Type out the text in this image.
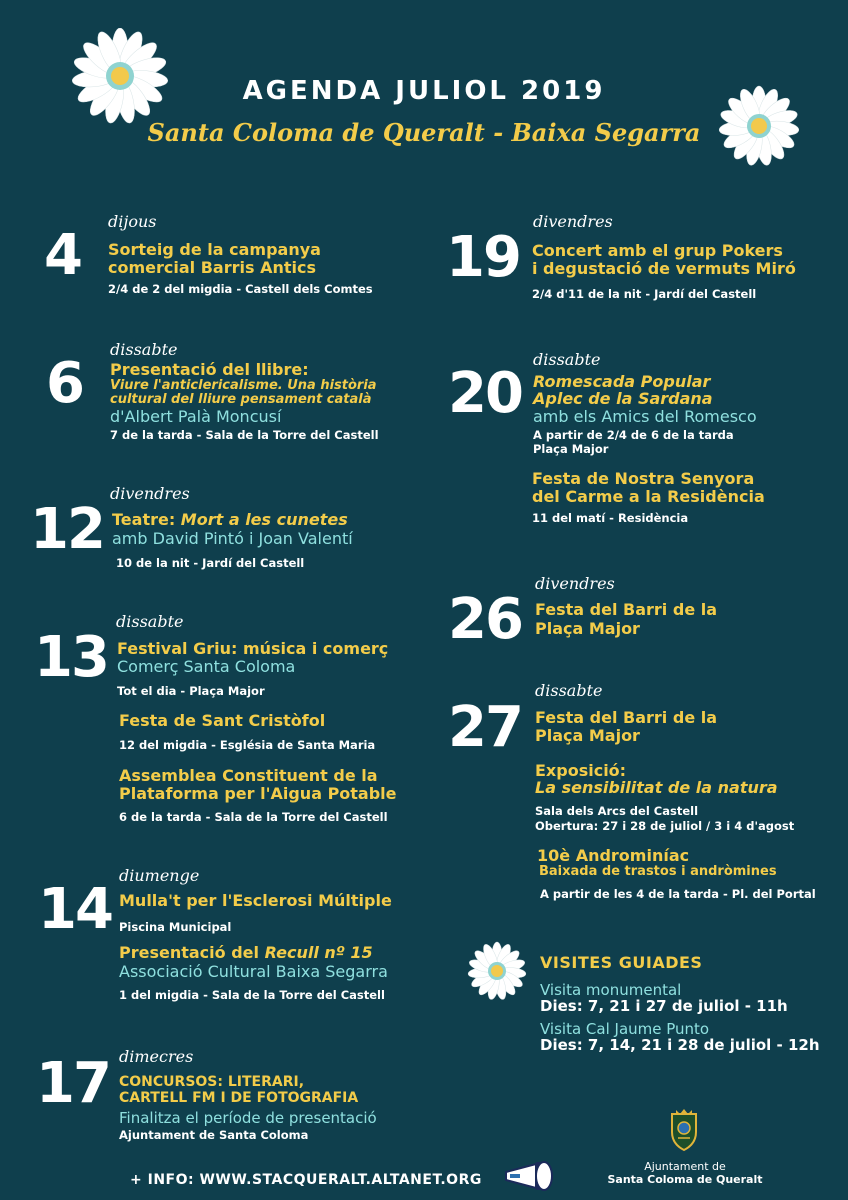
AGENDA JULIOL 2019
Santa Coloma de Queralt - Baixa Segarra
dijous
4 Sorteig de la campanya
comercial Barris Antics
2/4 de 2 del migdia - Castell dels Comtes
dissabte
6 Presentació del llibre:
Viure l'anticlericalisme. Una història
cultural del lliure pensament català
d'Albert Palà Moncusí
7 de la tarda - Sala de la Torre del Castell
divendres
12 Teatre: Mort a les cunetes
amb David Pintó i Joan Valentí
10 de la nit - Jardí del Castell
dissabte
13 Festival Griu: música i comerç
Comerç Santa Coloma
Tot el dia - Plaça Major
Festa de Sant Cristòfol
12 del migdia - Església de Santa Maria
Assemblea Constituent de la
Plataforma per l'Aigua Potable
6 de la tarda - Sala de la Torre del Castell
diumenge
14 Mulla't per l'Esclerosi Múltiple
Piscina Municipal
Presentació del Recull nº 15
Associació Cultural Baixa Segarra
1 del migdia - Sala de la Torre del Castell
dimecres
17 CONCURSOS: LITERARI,
CARTELL FM I DE FOTOGRAFIA
Finalitza el període de presentació
Ajuntament de Santa Coloma
divendres
19 Concert amb el grup Pokers
i degustació de vermuts Miró
2/4 d'11 de la nit - Jardí del Castell
dissabte
20 Romescada Popular
Aplec de la Sardana
amb els Amics del Romesco
A partir de 2/4 de 6 de la tarda
Plaça Major
Festa de Nostra Senyora
del Carme a la Residència
11 del matí - Residència
divendres
26 Festa del Barri de la
Plaça Major
dissabte
27 Festa del Barri de la
Plaça Major
Exposició:
La sensibilitat de la natura
Sala dels Arcs del Castell
Obertura: 27 i 28 de juliol / 3 i 4 d'agost
10è Androminíac
Baixada de trastos i andròmines
A partir de les 4 de la tarda - Pl. del Portal
VISITES GUIADES
Visita monumental
Dies: 7, 21 i 27 de juliol - 11h
Visita Cal Jaume Punto
Dies: 7, 14, 21 i 28 de juliol - 12h
Ajuntament de
Santa Coloma de Queralt
+ INFO: WWW.STACQUERALT.ALTANET.ORG
